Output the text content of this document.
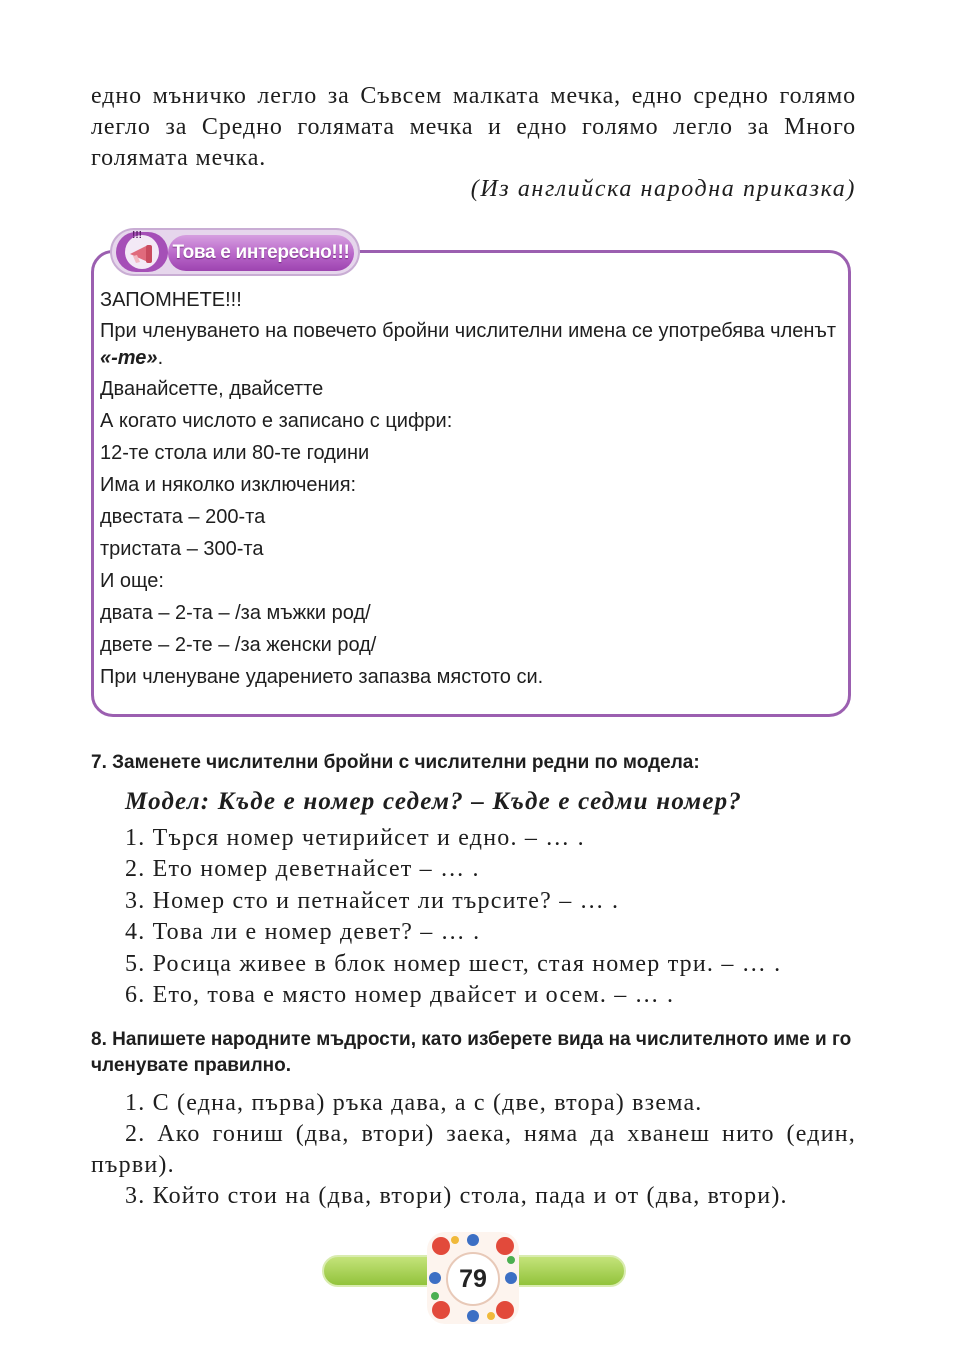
едно мъничко легло за Съвсем малката мечка, едно средно голямо легло за Средно голямата мечка и едно голямо легло за Много голямата мечка.

(Из английска народна приказка)
!!!
Това е интересно!!!

ЗАПОМНЕТЕ!!!

При членуването на повечето бройни числителни имена се употребява членът «-те».

Дванайсетте, двайсетте

А когато числото е записано с цифри:

12-те стола или 80-те години

Има и няколко изключения:

двестата – 200-та

тристата – 300-та

И още:

двата – 2-та – /за мъжки род/

двете – 2-те – /за женски род/

При членуване ударението запазва мястото си.

7. Заменете числителни бройни с числителни редни по модела:

Модел: Къде е номер седем? – Къде е седми номер?
1. Търся номер четирийсет и едно. – … .
2. Ето номер деветнайсет – … .
3. Номер сто и петнайсет ли търсите? – … .
4. Това ли е номер девет? – … .
5. Росица живее в блок номер шест, стая номер три. – … .
6. Ето, това е място номер двайсет и осем. – … .

8. Напишете народните мъдрости, като изберете вида на числителното име и го членувате правилно.

1. С (една, първа) ръка дава, а с (две, втора) взема.

2. Ако гониш (два, втори) заека, няма да хванеш нито (един, първи).

3. Който стои на (два, втори) стола, пада и от (два, втори).

79
